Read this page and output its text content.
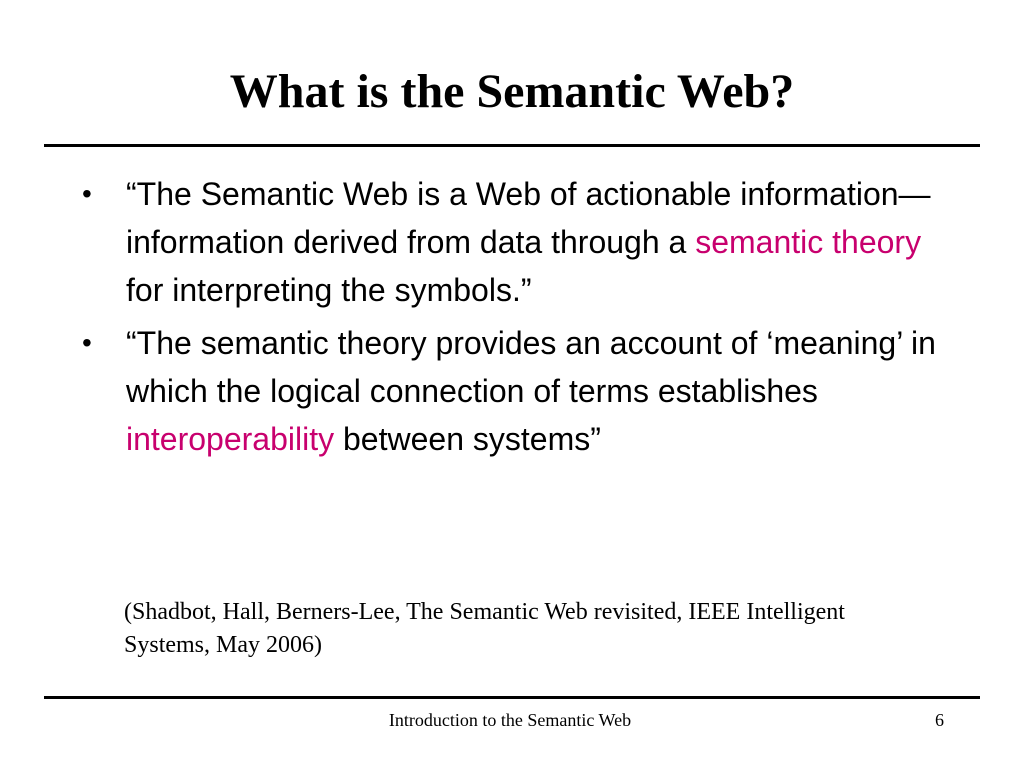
What is the Semantic Web?
•	“The Semantic Web is a Web of actionable information—information derived from data through a semantic theory for interpreting the symbols.”
•	“The semantic theory provides an account of ‘meaning’ in which the logical connection of terms establishes interoperability between systems”
(Shadbot, Hall, Berners-Lee, The Semantic Web revisited, IEEE Intelligent Systems, May 2006)
Introduction to the Semantic Web	6
